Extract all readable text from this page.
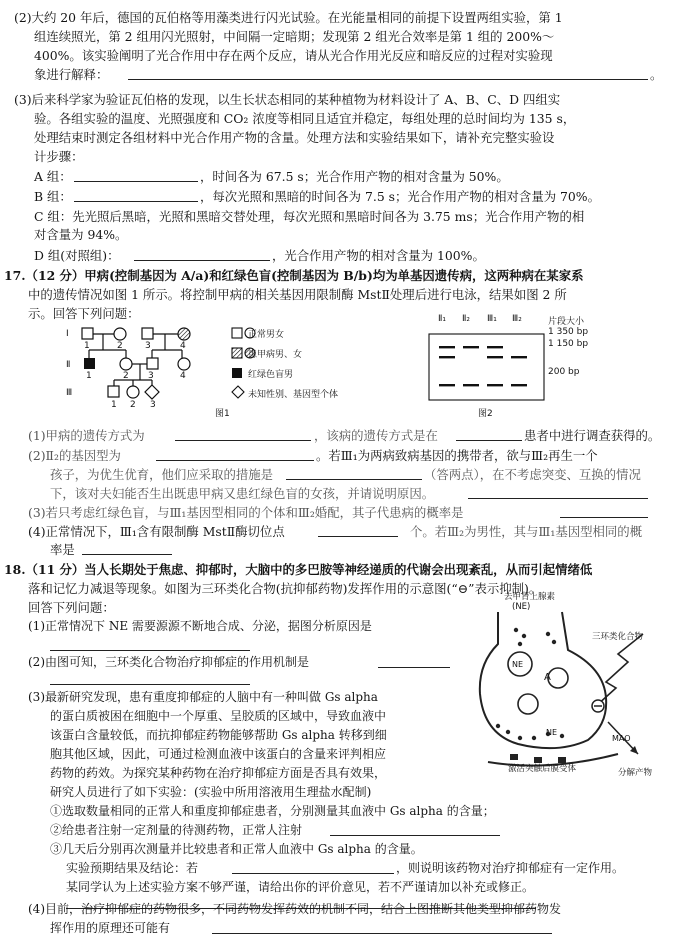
(2)大约 20 年后，德国的瓦伯格等用藻类进行闪光试验。在光能量相同的前提下设置两组实验，第 1
组连续照光，第 2 组用闪光照射，中间隔一定暗期；发现第 2 组光合效率是第 1 组的 200%～
400%。该实验阐明了光合作用中存在两个反应，请从光合作用光反应和暗反应的过程对实验现
象进行解释：	。
(3)后来科学家为验证瓦伯格的发现，以生长状态相同的某种植物为材料设计了 A、B、C、D 四组实
验。各组实验的温度、光照强度和 CO₂ 浓度等相同且适宜并稳定，每组处理的总时间均为 135 s，
处理结束时测定各组材料中光合作用产物的含量。处理方法和实验结果如下，请补充完整实验设
计步骤：
A 组：	，时间各为 67.5 s；光合作用产物的相对含量为 50%。
B 组：	，每次光照和黑暗的时间各为 7.5 s；光合作用产物的相对含量为 70%。
C 组：先光照后黑暗，光照和黑暗交替处理，每次光照和黑暗时间各为 3.75 ms；光合作用产物的相
对含量为 94%。
D 组(对照组)：	，光合作用产物的相对含量为 100%。
17.（12 分）甲病(控制基因为 A/a)和红绿色盲(控制基因为 B/b)均为单基因遗传病，这两种病在某家系
中的遗传情况如图 1 所示。将控制甲病的相关基因用限制酶 MstⅡ处理后进行电泳，结果如图 2 所
示。回答下列问题：
Ⅰ
Ⅱ
Ⅲ
1	2 3	4
1	2 3	4
1 2 3
正常男女
患甲病男、女
红绿色盲男
未知性别、基因型个体
图1
Ⅱ₁ Ⅱ₂ Ⅲ₁ Ⅲ₂	片段大小
1 350 bp
1 150 bp
200 bp
图2
(1)甲病的遗传方式为	，该病的遗传方式是在	患者中进行调查获得的。
(2)Ⅱ₂的基因型为	。若Ⅲ₁为两病致病基因的携带者，欲与Ⅲ₂再生一个
孩子，为优生优育，他们应采取的措施是	（答两点），在不考虑突变、互换的情况
下，该对夫妇能否生出既患甲病又患红绿色盲的女孩，并请说明原因。
(3)若只考虑红绿色盲，与Ⅲ₁基因型相同的个体和Ⅲ₂婚配，其子代患病的概率是
(4)正常情况下，Ⅲ₁含有限制酶 MstⅡ酶切位点	个。若Ⅲ₂为男性，其与Ⅲ₁基因型相同的概
率是
18.（11 分）当人长期处于焦虑、抑郁时，大脑中的多巴胺等神经递质的代谢会出现紊乱，从而引起情绪低
落和记忆力减退等现象。如图为三环类化合物(抗抑郁药物)发挥作用的示意图(“⊖”表示抑制)。
回答下列问题：
(1)正常情况下 NE 需要源源不断地合成、分泌，据图分析原因是
(2)由图可知，三环类化合物治疗抑郁症的作用机制是
(3)最新研究发现，患有重度抑郁症的人脑中有一种叫做 Gs alpha
的蛋白质被困在细胞中一个厚重、呈胶质的区域中，导致血液中
该蛋白含量较低，而抗抑郁症药物能够帮助 Gs alpha 转移到细
胞其他区域，因此，可通过检测血液中该蛋白的含量来评判相应
药物的药效。为探究某种药物在治疗抑郁症方面是否具有效果，
研究人员进行了如下实验：(实验中所用溶液用生理盐水配制)
①选取数量相同的正常人和重度抑郁症患者，分别测量其血液中 Gs alpha 的含量；
②给患者注射一定剂量的待测药物，正常人注射
③几天后分别再次测量并比较患者和正常人血液中 Gs alpha 的含量。
实验预期结果及结论：若	，则说明该药物对治疗抑郁症有一定作用。
某同学认为上述实验方案不够严谨，请给出你的评价意见，若不严谨请加以补充或修正。
(4)目前，治疗抑郁症的药物很多，不同药物发挥药效的机制不同，结合上图推断其他类型抑郁药物发
挥作用的原理还可能有
去甲肾上腺素
(NE)
三环类化合物
A
NE
NE
MAO
激活突触后膜受体	分解产物
